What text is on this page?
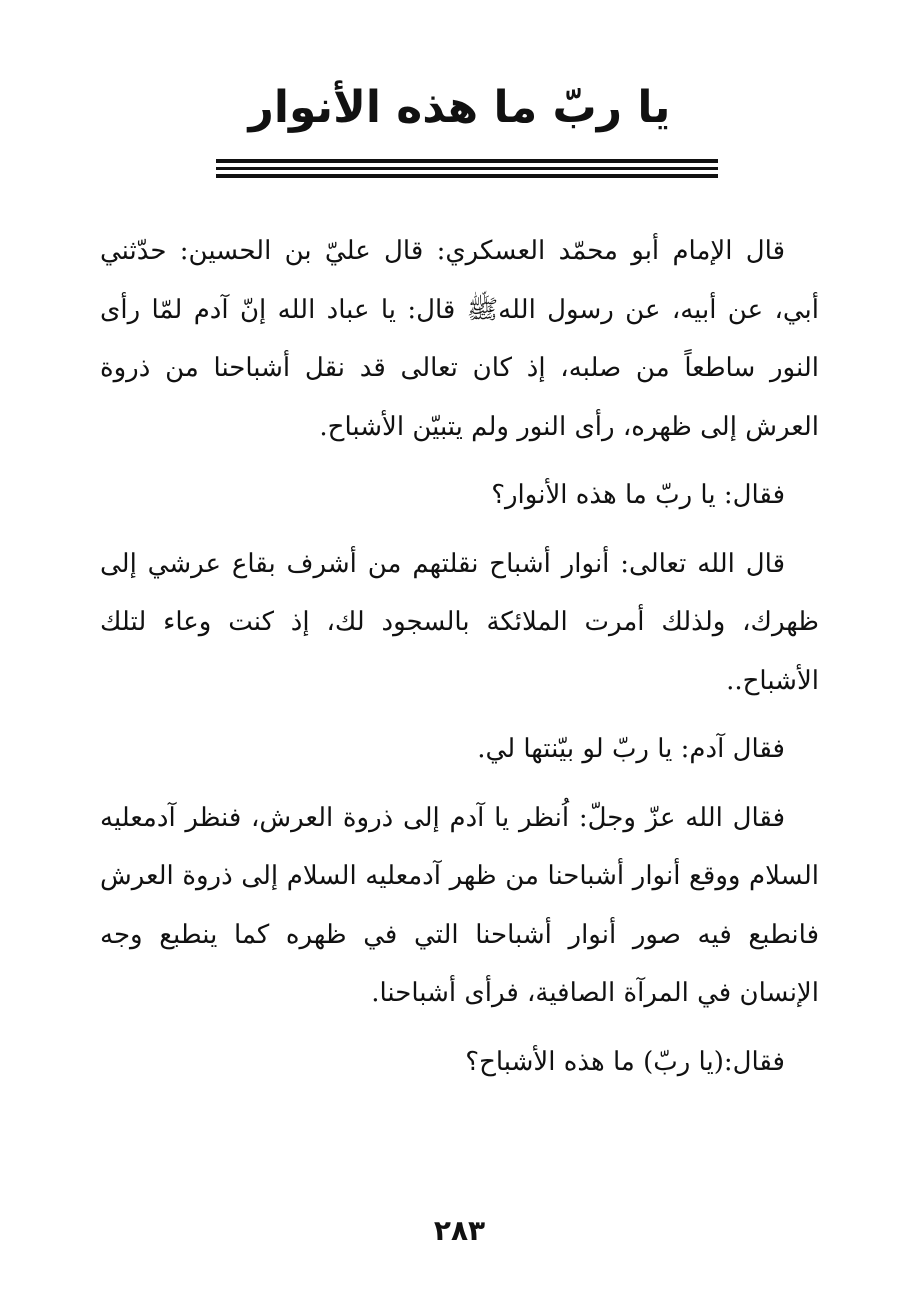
يا ربّ ما هذه الأنوار

قال الإمام أبو محمّد العسكري: قال عليّ بن الحسين: حدّثني أبي، عن أبيه، عن رسول اللهﷺ قال: يا عباد الله إنّ آدم لمّا رأى النور ساطعاً من صلبه، إذ كان تعالى قد نقل أشباحنا من ذروة العرش إلى ظهره، رأى النور ولم يتبيّن الأشباح.

فقال: يا ربّ ما هذه الأنوار؟

قال الله تعالى: أنوار أشباح نقلتهم من أشرف بقاع عرشي إلى ظهرك، ولذلك أمرت الملائكة بالسجود لك، إذ كنت وعاء لتلك الأشباح..

فقال آدم: يا ربّ لو بيّنتها لي.

فقال الله عزّ وجلّ: اُنظر يا آدم إلى ذروة العرش، فنظر آدمعليه السلام ووقع أنوار أشباحنا من ظهر آدمعليه السلام إلى ذروة العرش فانطبع فيه صور أنوار أشباحنا التي في ظهره كما ينطبع وجه الإنسان في المرآة الصافية، فرأى أشباحنا.

فقال:(يا ربّ) ما هذه الأشباح؟

٢٨٣
